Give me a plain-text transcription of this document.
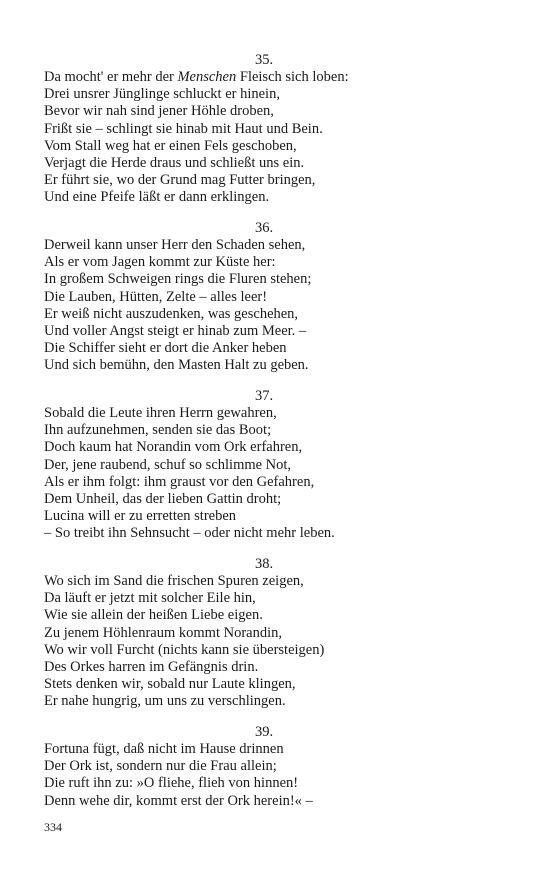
35.

Da mocht' er mehr der Menschen Fleisch sich loben:

Drei unsrer Jünglinge schluckt er hinein,

Bevor wir nah sind jener Höhle droben,

Frißt sie – schlingt sie hinab mit Haut und Bein.

Vom Stall weg hat er einen Fels geschoben,

Verjagt die Herde draus und schließt uns ein.

Er führt sie, wo der Grund mag Futter bringen,

Und eine Pfeife läßt er dann erklingen.

36.

Derweil kann unser Herr den Schaden sehen,

Als er vom Jagen kommt zur Küste her:

In großem Schweigen rings die Fluren stehen;

Die Lauben, Hütten, Zelte – alles leer!

Er weiß nicht auszudenken, was geschehen,

Und voller Angst steigt er hinab zum Meer. –

Die Schiffer sieht er dort die Anker heben

Und sich bemühn, den Masten Halt zu geben.

37.

Sobald die Leute ihren Herrn gewahren,

Ihn aufzunehmen, senden sie das Boot;

Doch kaum hat Norandin vom Ork erfahren,

Der, jene raubend, schuf so schlimme Not,

Als er ihm folgt: ihm graust vor den Gefahren,

Dem Unheil, das der lieben Gattin droht;

Lucina will er zu erretten streben

– So treibt ihn Sehnsucht – oder nicht mehr leben.

38.

Wo sich im Sand die frischen Spuren zeigen,

Da läuft er jetzt mit solcher Eile hin,

Wie sie allein der heißen Liebe eigen.

Zu jenem Höhlenraum kommt Norandin,

Wo wir voll Furcht (nichts kann sie übersteigen)

Des Orkes harren im Gefängnis drin.

Stets denken wir, sobald nur Laute klingen,

Er nahe hungrig, um uns zu verschlingen.

39.

Fortuna fügt, daß nicht im Hause drinnen

Der Ork ist, sondern nur die Frau allein;

Die ruft ihn zu: »O fliehe, flieh von hinnen!

Denn wehe dir, kommt erst der Ork herein!« –

334
